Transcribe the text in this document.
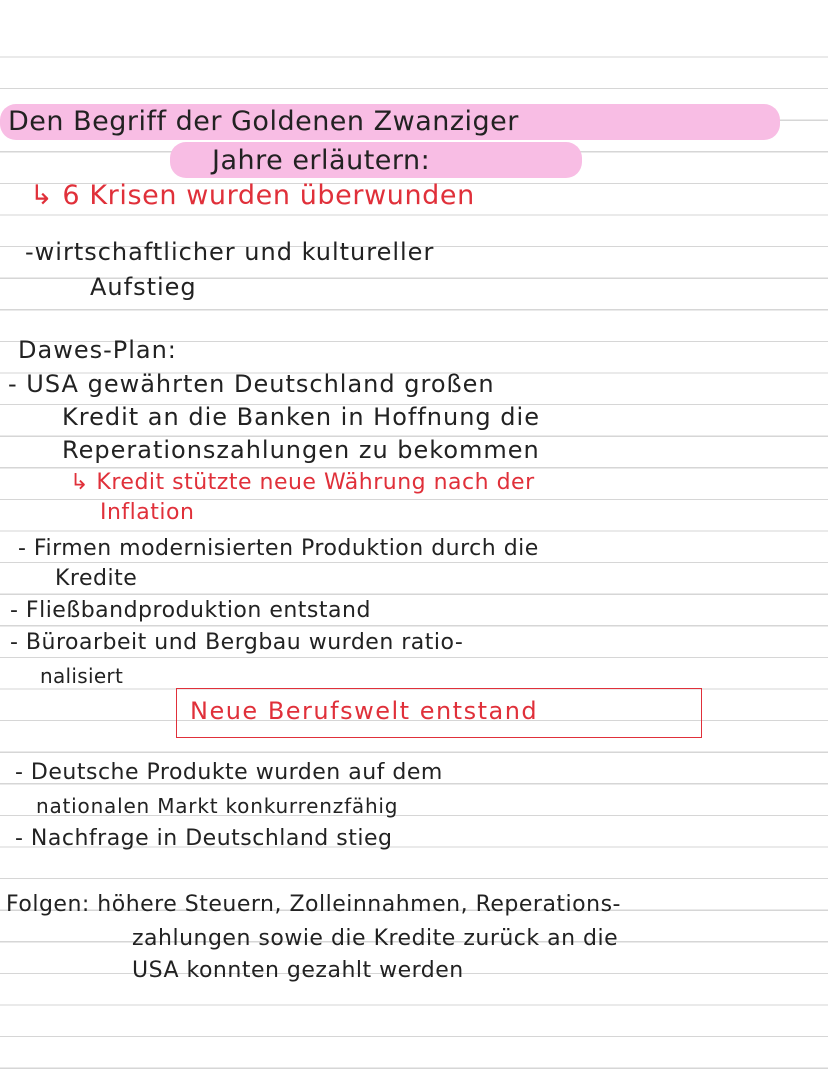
Den Begriff der Goldenen Zwanziger
Jahre erläutern:

↳ 6 Krisen wurden überwunden

-wirtschaftlicher und kultureller

Aufstieg

Dawes-Plan:

- USA gewährten Deutschland großen

Kredit an die Banken in Hoffnung die

Reperationszahlungen zu bekommen

↳ Kredit stützte neue Währung nach der

Inflation

- Firmen modernisierten Produktion durch die

Kredite

- Fließbandproduktion entstand

- Büroarbeit und Bergbau wurden ratio-

nalisiert

Neue Berufswelt entstand

- Deutsche Produkte wurden auf dem

nationalen Markt konkurrenzfähig

- Nachfrage in Deutschland stieg

Folgen: höhere Steuern, Zolleinnahmen, Reperations-

zahlungen sowie die Kredite zurück an die

USA konnten gezahlt werden
